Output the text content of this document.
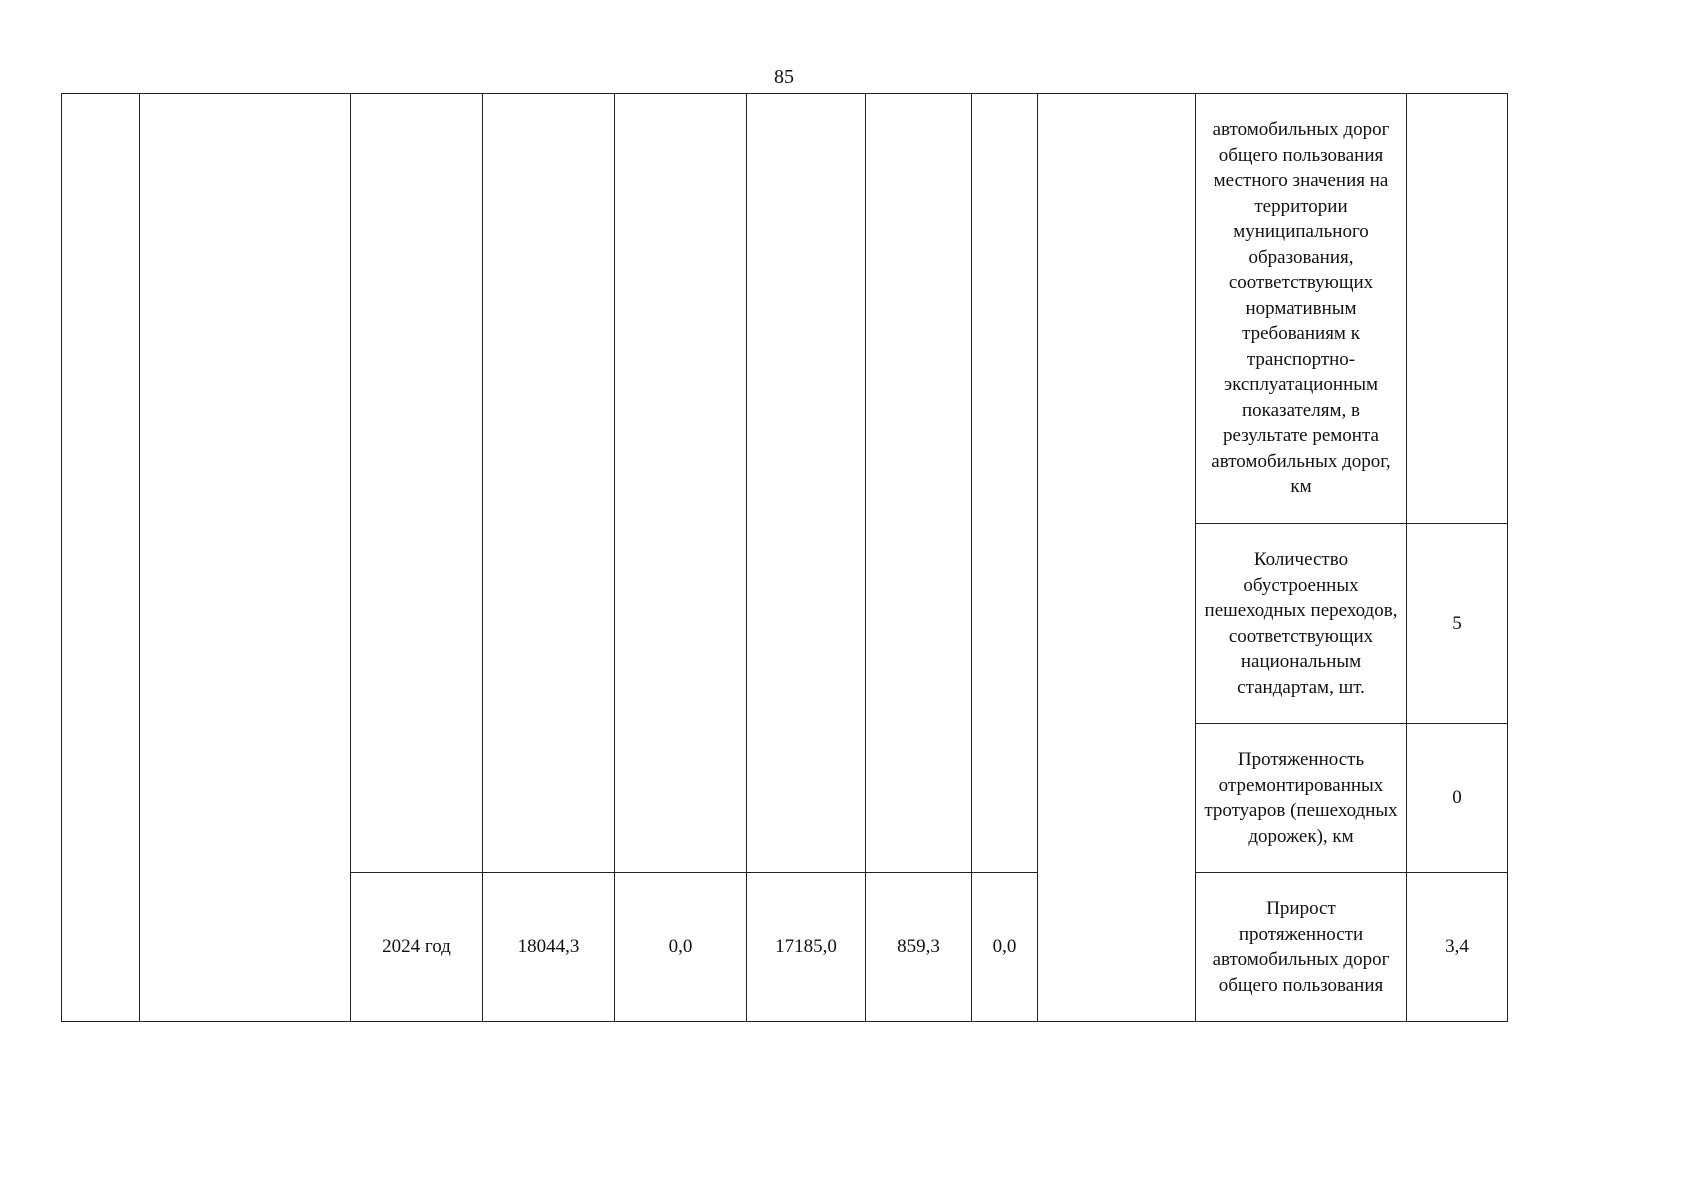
85
									автомобильных дорог общего пользования местного значения на территории муниципального образования, соответствующих нормативным требованиям к транспортно-эксплуатационным показателям, в результате ремонта автомобильных дорог, км	
									Количество обустроенных пешеходных переходов, соответствующих национальным стандартам, шт.	5
									Протяженность отремонтированных тротуаров (пешеходных дорожек), км	0
		2024 год	18044,3	0,0	17185,0	859,3	0,0		Прирост протяженности автомобильных дорог общего пользования	3,4
